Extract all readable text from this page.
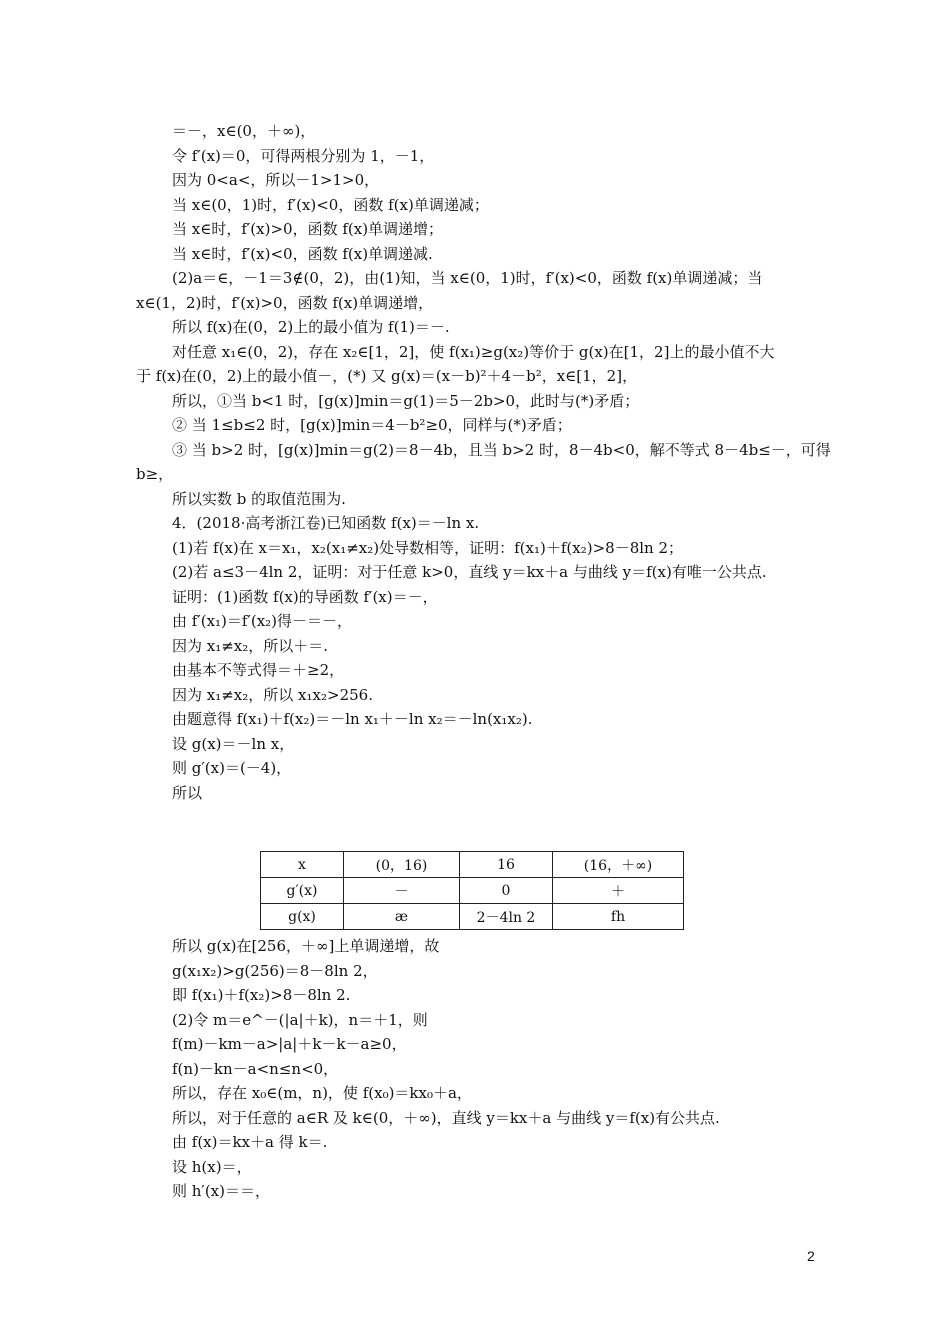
＝－，x∈(0，＋∞)，
令 f′(x)＝0，可得两根分别为 1，－1，
因为 0<a<，所以－1>1>0，
当 x∈(0，1)时，f′(x)<0，函数 f(x)单调递减；
当 x∈时，f′(x)>0，函数 f(x)单调递增；
当 x∈时，f′(x)<0，函数 f(x)单调递减.
(2)a＝∈，－1＝3∉(0，2)，由(1)知，当 x∈(0，1)时，f′(x)<0，函数 f(x)单调递减；当
x∈(1，2)时，f′(x)>0，函数 f(x)单调递增，
所以 f(x)在(0，2)上的最小值为 f(1)＝－.
对任意 x₁∈(0，2)，存在 x₂∈[1，2]，使 f(x₁)≥g(x₂)等价于 g(x)在[1，2]上的最小值不大
于 f(x)在(0，2)上的最小值－，(*) 又 g(x)＝(x－b)²＋4－b²，x∈[1，2]，
所以，①当 b<1 时，[g(x)]min＝g(1)＝5－2b>0，此时与(*)矛盾；
② 当 1≤b≤2 时，[g(x)]min＝4－b²≥0，同样与(*)矛盾；
③ 当 b>2 时，[g(x)]min＝g(2)＝8－4b，且当 b>2 时，8－4b<0，解不等式 8－4b≤－，可得
b≥，
所以实数 b 的取值范围为.
4．(2018·高考浙江卷)已知函数 f(x)＝－ln x.
(1)若 f(x)在 x＝x₁，x₂(x₁≠x₂)处导数相等，证明：f(x₁)＋f(x₂)>8－8ln 2；
(2)若 a≤3－4ln 2，证明：对于任意 k>0，直线 y＝kx＋a 与曲线 y＝f(x)有唯一公共点.
证明：(1)函数 f(x)的导函数 f′(x)＝－，
由 f′(x₁)＝f′(x₂)得－＝－，
因为 x₁≠x₂，所以＋＝.
由基本不等式得＝＋≥2，
因为 x₁≠x₂，所以 x₁x₂>256.
由题意得 f(x₁)＋f(x₂)＝－ln x₁＋－ln x₂＝－ln(x₁x₂).
设 g(x)＝－ln x，
则 g′(x)＝(－4)，
所以
x	(0，16)	16	(16，＋∞)
g′(x)	－	0	＋
g(x)	æ	2－4ln 2	fh
所以 g(x)在[256，＋∞]上单调递增，故
g(x₁x₂)>g(256)＝8－8ln 2，
即 f(x₁)＋f(x₂)>8－8ln 2.
(2)令 m＝e^－(|a|＋k)，n＝＋1，则
f(m)－km－a>|a|＋k－k－a≥0，
f(n)－kn－a<n≤n<0，
所以，存在 x₀∈(m，n)，使 f(x₀)＝kx₀＋a，
所以，对于任意的 a∈R 及 k∈(0，＋∞)，直线 y＝kx＋a 与曲线 y＝f(x)有公共点.
由 f(x)＝kx＋a 得 k＝.
设 h(x)＝，
则 h′(x)＝＝，
2
